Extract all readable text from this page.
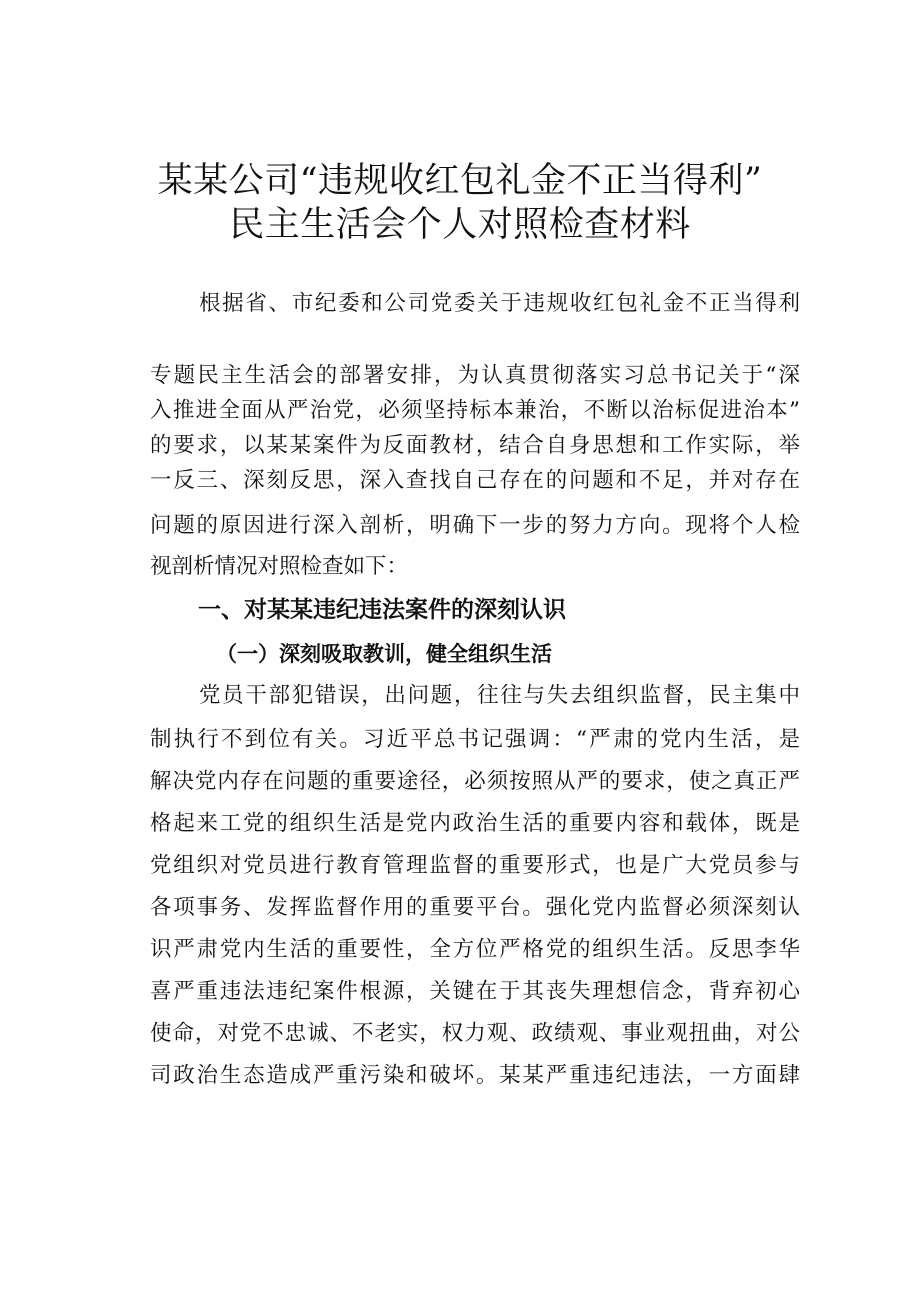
某某公司“违规收红包礼金不正当得利”
民主生活会个人对照检查材料
根据省、市纪委和公司党委关于违规收红包礼金不正当得利
专题民主生活会的部署安排，为认真贯彻落实习总书记关于“深
入推进全面从严治党，必须坚持标本兼治，不断以治标促进治本”
的要求，以某某案件为反面教材，结合自身思想和工作实际，举
一反三、深刻反思，深入查找自己存在的问题和不足，并对存在
问题的原因进行深入剖析，明确下一步的努力方向。现将个人检
视剖析情况对照检查如下：
一、对某某违纪违法案件的深刻认识
（一）深刻吸取教训，健全组织生活
党员干部犯错误，出问题，往往与失去组织监督，民主集中
制执行不到位有关。习近平总书记强调：“严肃的党内生活，是
解决党内存在问题的重要途径，必须按照从严的要求，使之真正严
格起来工党的组织生活是党内政治生活的重要内容和载体，既是
党组织对党员进行教育管理监督的重要形式，也是广大党员参与
各项事务、发挥监督作用的重要平台。强化党内监督必须深刻认
识严肃党内生活的重要性，全方位严格党的组织生活。反思李华
喜严重违法违纪案件根源，关键在于其丧失理想信念，背弃初心
使命，对党不忠诚、不老实，权力观、政绩观、事业观扭曲，对公
司政治生态造成严重污染和破坏。某某严重违纪违法，一方面肆
